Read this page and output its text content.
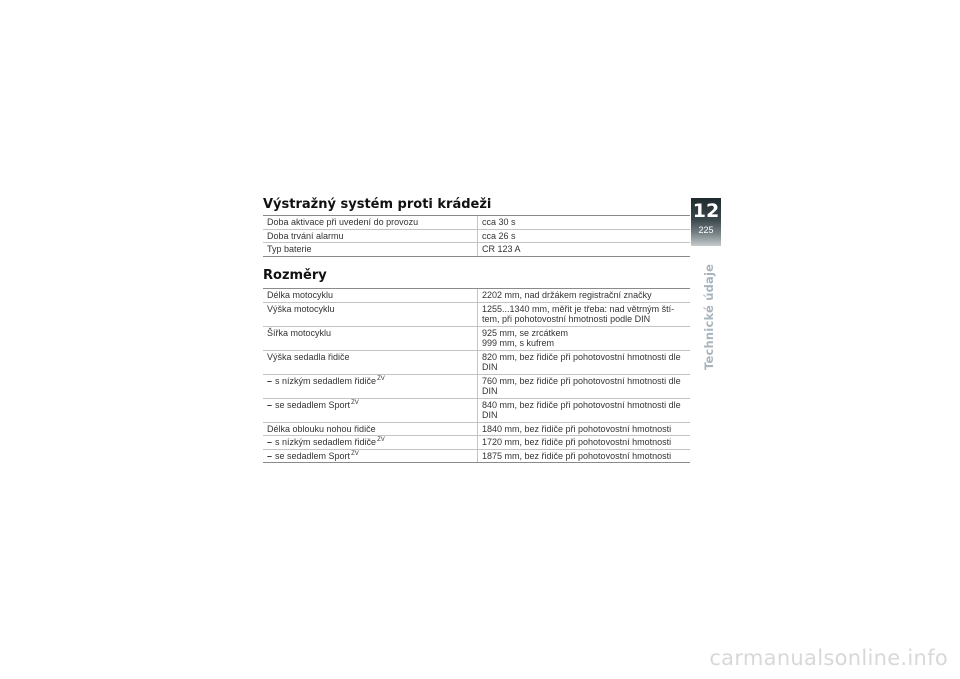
Výstražný systém proti krádeži
Doba aktivace při uvedení do provozu	cca 30 s
Doba trvání alarmu	cca 26 s
Typ baterie	CR 123 A
Rozměry
Délka motocyklu	2202 mm, nad držákem registrační značky
Výška motocyklu	1255...1340 mm, měřit je třeba: nad větrným ští-tem, při pohotovostní hmotnosti podle DIN
Šířka motocyklu	925 mm, se zrcátkem
999 mm, s kufrem

Výška sedadla řidiče	820 mm, bez řidiče při pohotovostní hmotnosti dle DIN
– s nízkým sedadlem řidiče$^{ZV}$	760 mm, bez řidiče při pohotovostní hmotnosti dle DIN
– se sedadlem Sport$^{ZV}$	840 mm, bez řidiče při pohotovostní hmotnosti dle DIN
Délka oblouku nohou řidiče	1840 mm, bez řidiče při pohotovostní hmotnosti
– s nízkým sedadlem řidiče$^{ZV}$	1720 mm, bez řidiče při pohotovostní hmotnosti
– se sedadlem Sport$^{ZV}$	1875 mm, bez řidiče při pohotovostní hmotnosti
12
225
Technické údaje
carmanualsonline.info
